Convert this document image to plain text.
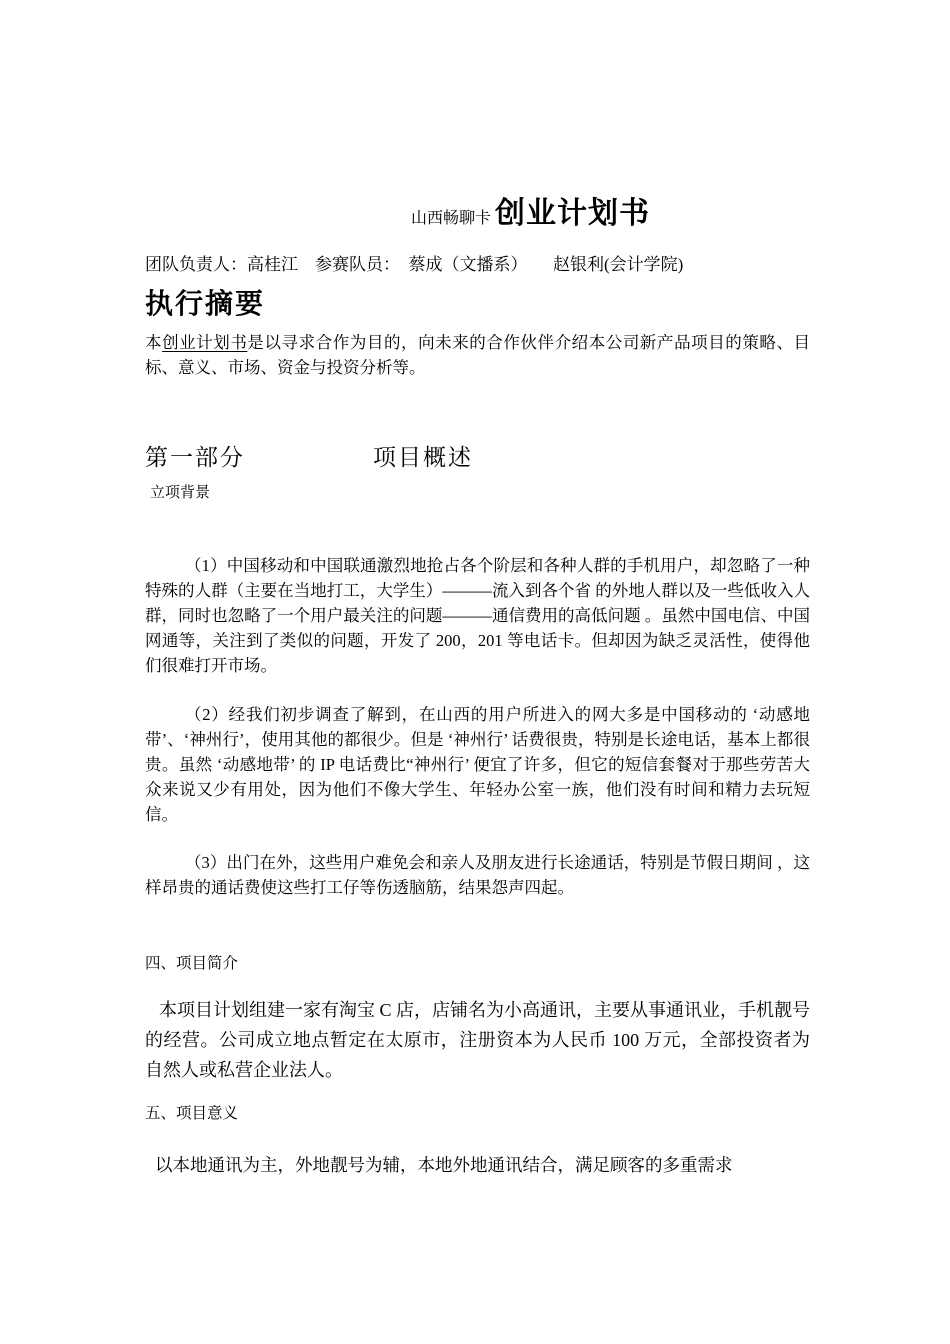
山西畅聊卡 创业计划书
团队负责人：高桂江　参赛队员：　蔡成（文播系）　　赵银利(会计学院)
执行摘要
本创业计划书是以寻求合作为目的，向未来的合作伙伴介绍本公司新产品项目的策略、目标、意义、市场、资金与投资分析等。
第一部分	项目概述
立项背景
（1）中国移动和中国联通激烈地抢占各个阶层和各种人群的手机用户，却忽略了一种特殊的人群（主要在当地打工，大学生）———流入到各个省 的外地人群以及一些低收入人群，同时也忽略了一个用户最关注的问题———通信费用的高低问题 。虽然中国电信、中国网通等，关注到了类似的问题，开发了 200，201 等电话卡。但却因为缺乏灵活性，使得他们很难打开市场。
（2）经我们初步调查了解到，在山西的用户所进入的网大多是中国移动的 ‘动感地带’、‘神州行’，使用其他的都很少。但是 ‘神州行’ 话费很贵，特别是长途电话，基本上都很贵。虽然 ‘动感地带’ 的 IP 电话费比“神州行’ 便宜了许多，但它的短信套餐对于那些劳苦大众来说又少有用处，因为他们不像大学生、年轻办公室一族，他们没有时间和精力去玩短信。
（3）出门在外，这些用户难免会和亲人及朋友进行长途通话，特别是节假日期间 ，这样昂贵的通话费使这些打工仔等伤透脑筋，结果怨声四起。
四、项目简介
本项目计划组建一家有淘宝 C 店，店铺名为小高通讯，主要从事通讯业，手机靓号的经营。公司成立地点暂定在太原市，注册资本为人民币 100 万元，全部投资者为自然人或私营企业法人。
五、项目意义
以本地通讯为主，外地靓号为辅，本地外地通讯结合，满足顾客的多重需求
